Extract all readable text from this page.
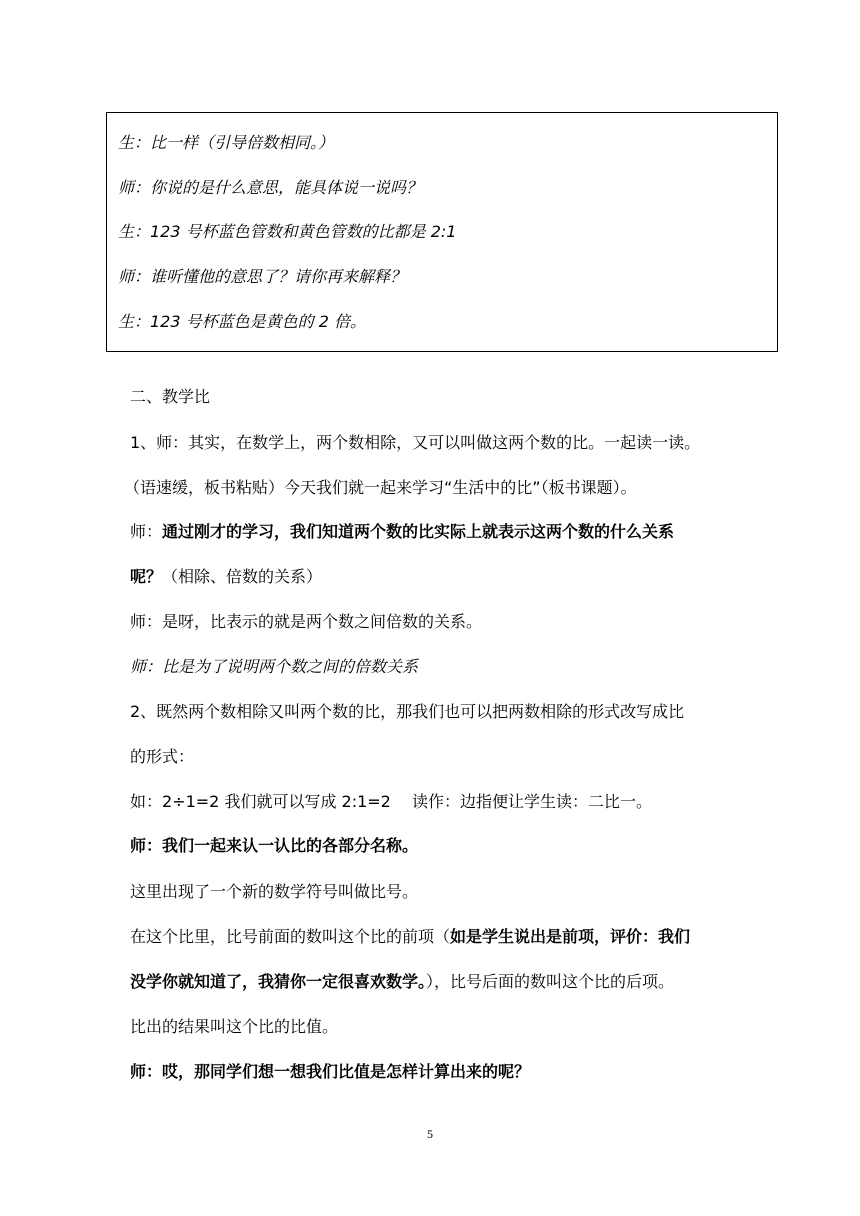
生：比一样（引导倍数相同。）
师：你说的是什么意思，能具体说一说吗？
生：123 号杯蓝色管数和黄色管数的比都是 2:1
师：谁听懂他的意思了？请你再来解释？
生：123 号杯蓝色是黄色的 2 倍。
二、教学比
1、师：其实，在数学上，两个数相除，又可以叫做这两个数的比。一起读一读。
（语速缓，板书粘贴）今天我们就一起来学习“生活中的比”（板书课题）。
师：通过刚才的学习，我们知道两个数的比实际上就表示这两个数的什么关系
呢？（相除、倍数的关系）
师：是呀，比表示的就是两个数之间倍数的关系。
师：比是为了说明两个数之间的倍数关系
2、既然两个数相除又叫两个数的比，那我们也可以把两数相除的形式改写成比
的形式：
如：2÷1=2 我们就可以写成 2:1=2　 读作：边指便让学生读：二比一。
师：我们一起来认一认比的各部分名称。
这里出现了一个新的数学符号叫做比号。
在这个比里，比号前面的数叫这个比的前项（如是学生说出是前项，评价：我们
没学你就知道了，我猜你一定很喜欢数学。），比号后面的数叫这个比的后项。
比出的结果叫这个比的比值。
师：哎，那同学们想一想我们比值是怎样计算出来的呢？
5
